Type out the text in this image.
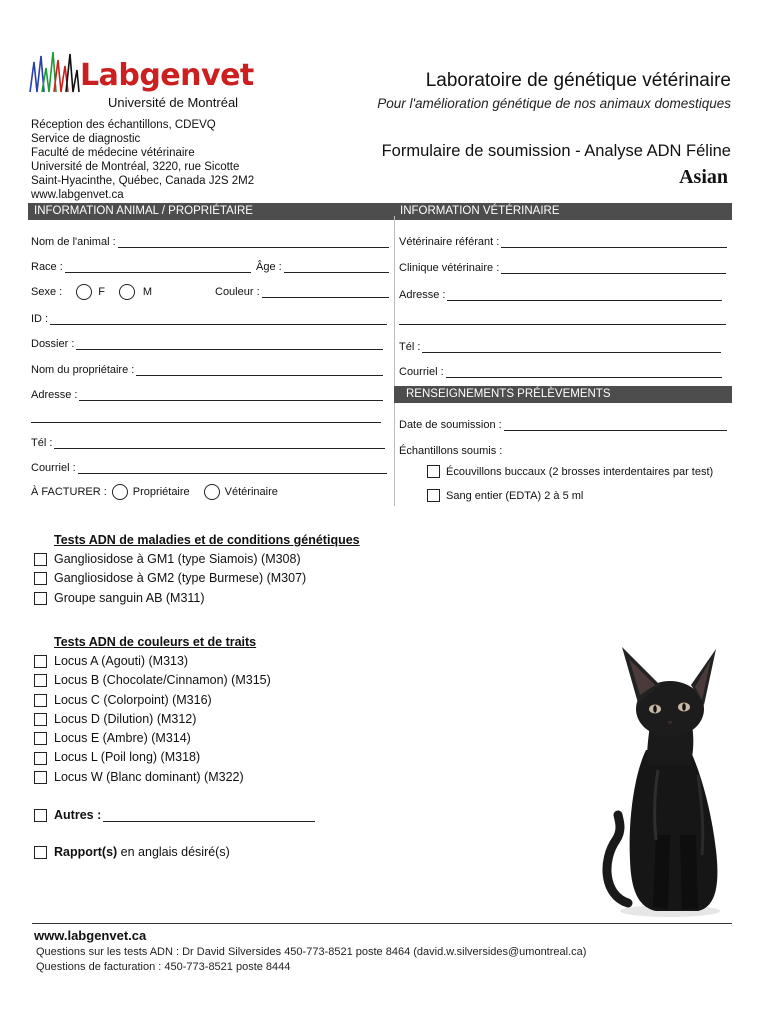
Labgenvet
Université de Montréal
Laboratoire de génétique vétérinaire
Pour l'amélioration génétique de nos animaux domestiques
Réception des échantillons, CDEVQ
Service de diagnostic
Faculté de médecine vétérinaire
Université de Montréal, 3220, rue Sicotte
Saint-Hyacinthe, Québec, Canada J2S 2M2
www.labgenvet.ca
Formulaire de soumission - Analyse ADN Féline
Asian
INFORMATION ANIMAL / PROPRIÉTAIRE	INFORMATION VÉTÉRINAIRE
Nom de l'animal :
Race :	Âge :
Sexe :	F	M	Couleur :
ID :
Dossier :
Nom du propriétaire :
Adresse :
Tél :
Courriel :
À FACTURER : Propriétaire	Vétérinaire
Vétérinaire référant :
Clinique vétérinaire :
Adresse :
Tél :
Courriel :
RENSEIGNEMENTS PRÉLÈVEMENTS
Date de soumission :
Échantillons soumis :
Écouvillons buccaux (2 brosses interdentaires par test)
Sang entier (EDTA) 2 à 5 ml
Tests ADN de maladies et de conditions génétiques
Gangliosidose à GM1 (type Siamois) (M308)
Gangliosidose à GM2 (type Burmese) (M307)
Groupe sanguin AB (M311)
Tests ADN de couleurs et de traits
Locus A (Agouti) (M313)
Locus B (Chocolate/Cinnamon) (M315)
Locus C (Colorpoint) (M316)
Locus D (Dilution) (M312)
Locus E (Ambre) (M314)
Locus L (Poil long) (M318)
Locus W (Blanc dominant) (M322)
Autres :
Rapport(s) en anglais désiré(s)
www.labgenvet.ca
Questions sur les tests ADN : Dr David Silversides 450-773-8521 poste 8464 (david.w.silversides@umontreal.ca)
Questions de facturation : 450-773-8521 poste 8444
